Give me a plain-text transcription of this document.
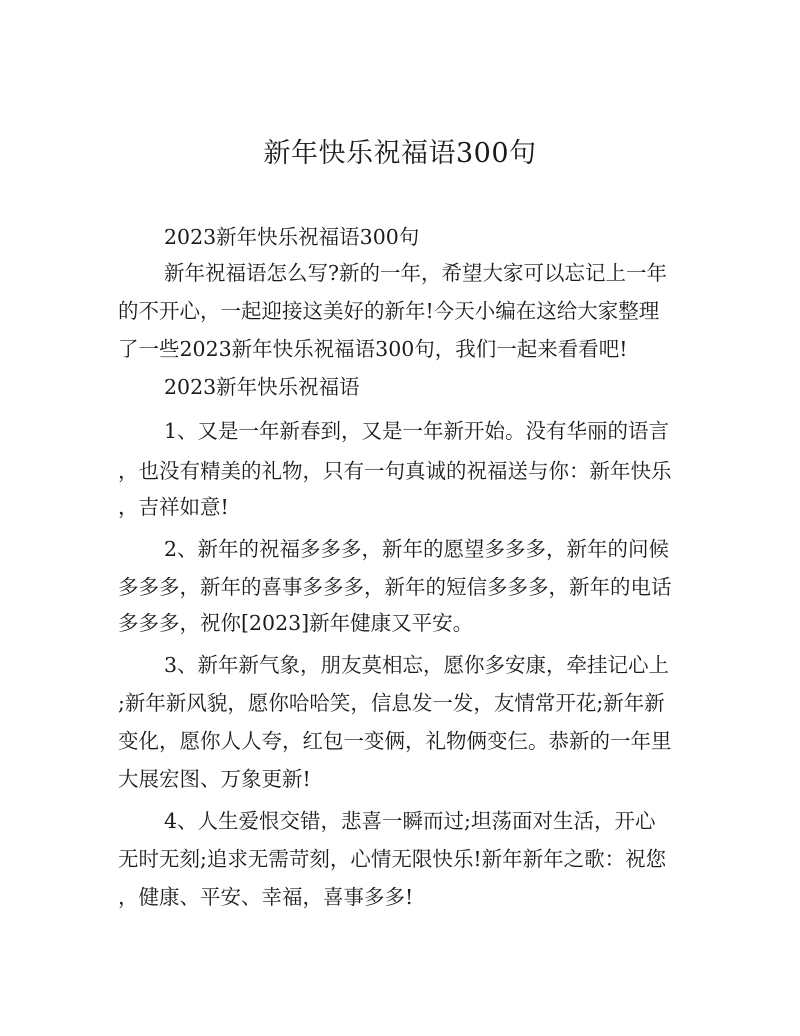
新年快乐祝福语300句
2023新年快乐祝福语300句
新年祝福语怎么写?新的一年，希望大家可以忘记上一年
的不开心，一起迎接这美好的新年!今天小编在这给大家整理
了一些2023新年快乐祝福语300句，我们一起来看看吧!
2023新年快乐祝福语
1、又是一年新春到，又是一年新开始。没有华丽的语言
，也没有精美的礼物，只有一句真诚的祝福送与你：新年快乐
，吉祥如意!
2、新年的祝福多多多，新年的愿望多多多，新年的问候
多多多，新年的喜事多多多，新年的短信多多多，新年的电话
多多多，祝你[2023]新年健康又平安。
3、新年新气象，朋友莫相忘，愿你多安康，牵挂记心上
;新年新风貌，愿你哈哈笑，信息发一发，友情常开花;新年新
变化，愿你人人夸，红包一变俩，礼物俩变仨。恭新的一年里
大展宏图、万象更新!
4、人生爱恨交错，悲喜一瞬而过;坦荡面对生活，开心
无时无刻;追求无需苛刻，心情无限快乐!新年新年之歌：祝您
，健康、平安、幸福，喜事多多!
